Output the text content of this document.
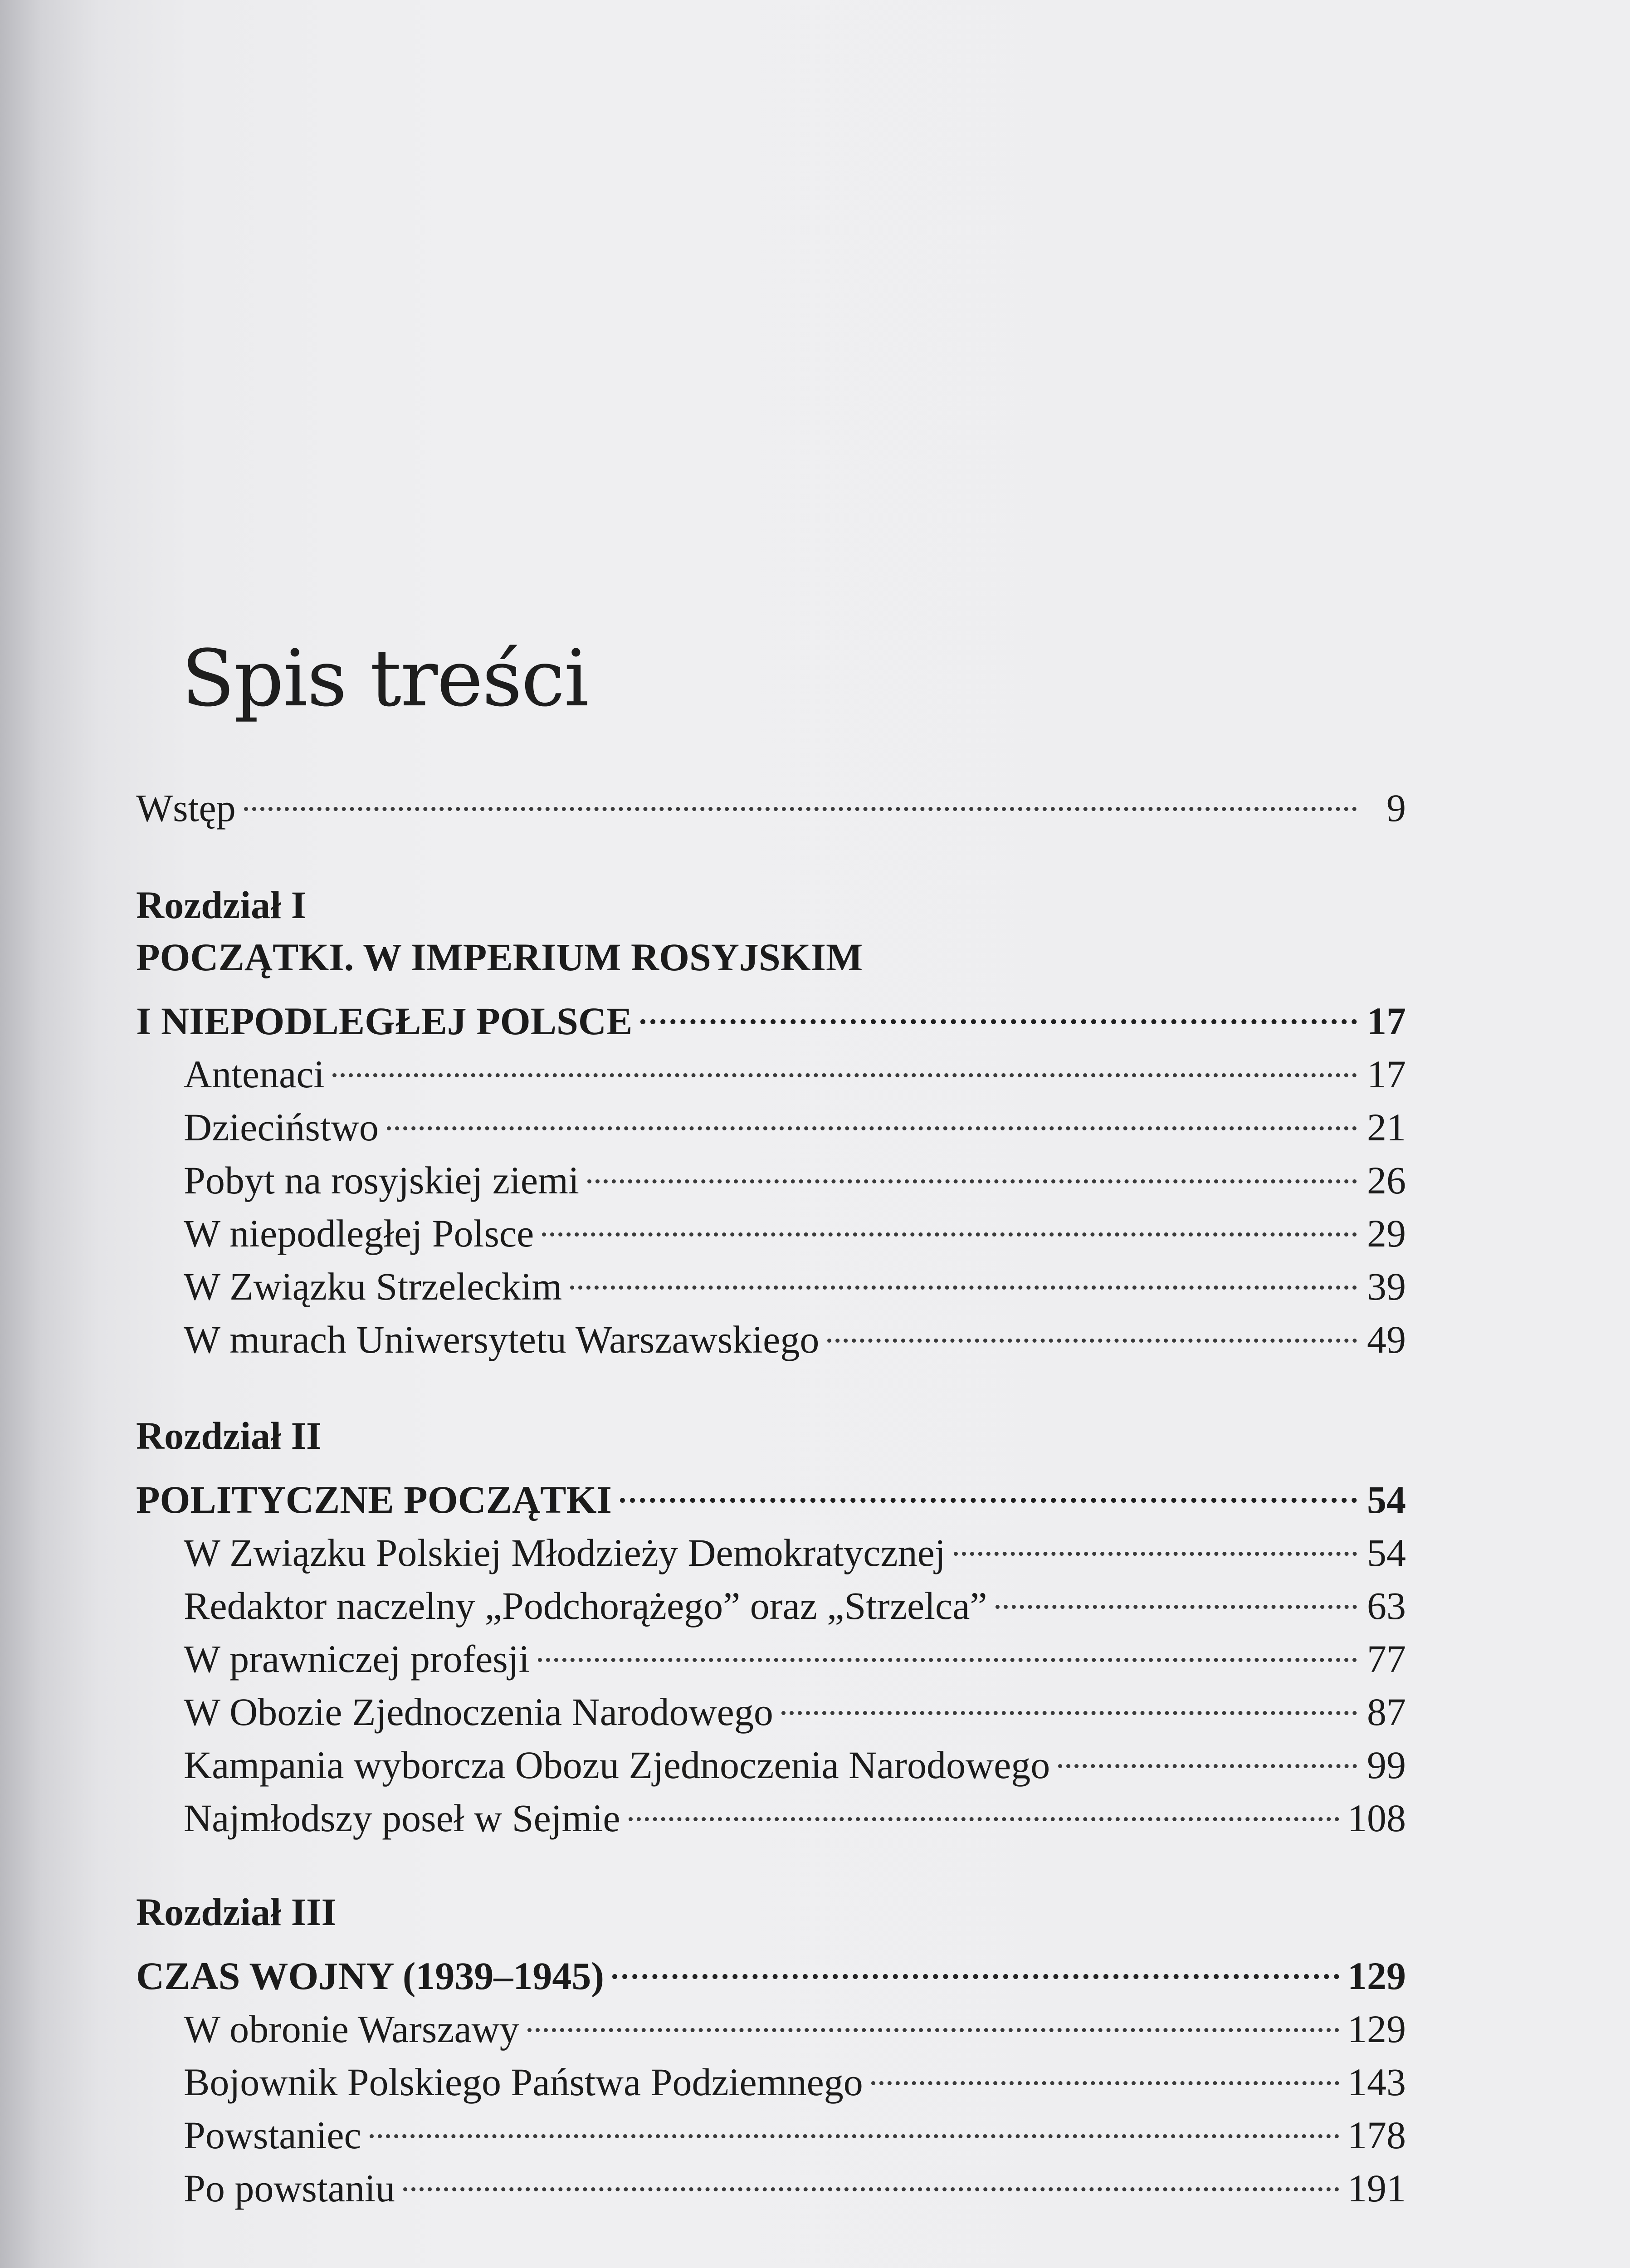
Spis treści
Wstęp	9
Rozdział I
POCZĄTKI. W IMPERIUM ROSYJSKIM
I NIEPODLEGŁEJ POLSCE	17
Antenaci	17
Dzieciństwo	21
Pobyt na rosyjskiej ziemi	26
W niepodległej Polsce	29
W Związku Strzeleckim	39
W murach Uniwersytetu Warszawskiego	49
Rozdział II
POLITYCZNE POCZĄTKI	54
W Związku Polskiej Młodzieży Demokratycznej	54
Redaktor naczelny „Podchorążego” oraz „Strzelca”	63
W prawniczej profesji	77
W Obozie Zjednoczenia Narodowego	87
Kampania wyborcza Obozu Zjednoczenia Narodowego	99
Najmłodszy poseł w Sejmie	108
Rozdział III
CZAS WOJNY (1939–1945)	129
W obronie Warszawy	129
Bojownik Polskiego Państwa Podziemnego	143
Powstaniec	178
Po powstaniu	191
